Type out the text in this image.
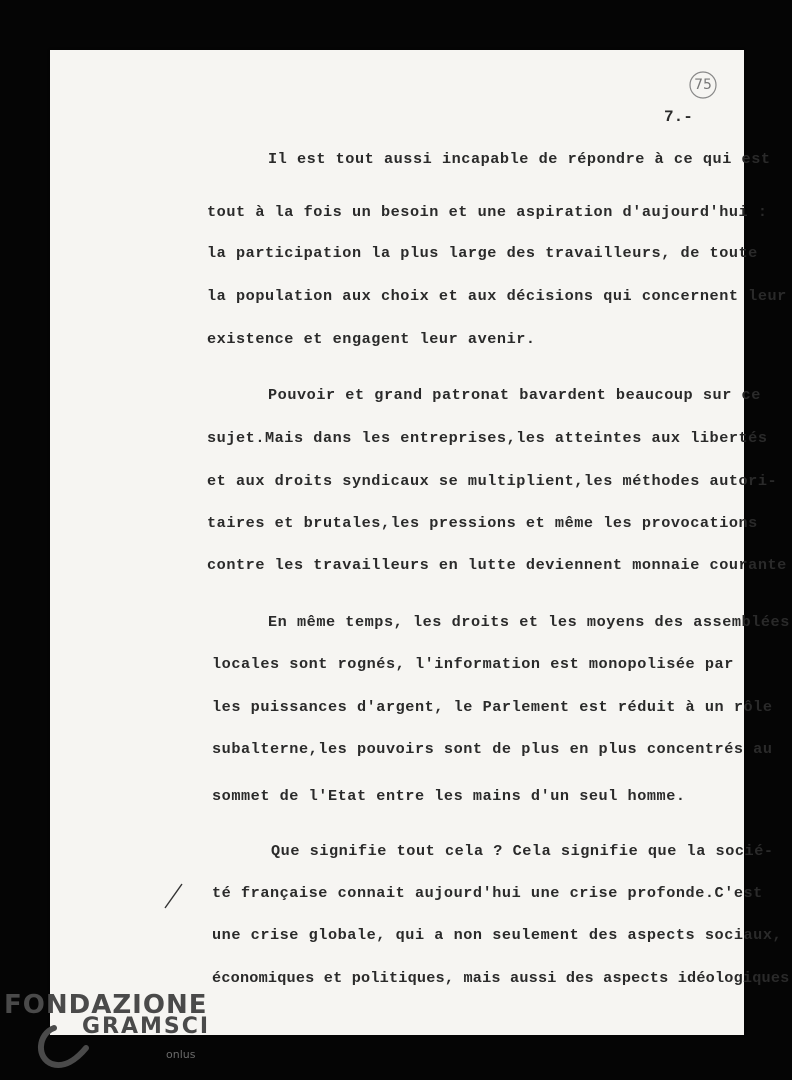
75
7.-
Il est tout aussi incapable de répondre à ce qui est
tout à la fois un besoin et une aspiration d'aujourd'hui :
la participation la plus large des travailleurs, de toute
la population aux choix et aux décisions qui concernent leur
existence et engagent leur avenir.
Pouvoir et grand patronat bavardent beaucoup sur ce
sujet.Mais dans les entreprises,les atteintes aux libertés
et aux droits syndicaux se multiplient,les méthodes autori-
taires et brutales,les pressions et même les provocations
contre les travailleurs en lutte deviennent monnaie courante
En même temps, les droits et les moyens des assemblées
locales sont rognés, l'information est monopolisée par
les puissances d'argent, le Parlement est réduit à un rôle
subalterne,les pouvoirs sont de plus en plus concentrés au
sommet de l'Etat entre les mains d'un seul homme.
Que signifie tout cela ? Cela signifie que la socié-
té française connait aujourd'hui une crise profonde.C'est
une crise globale, qui a non seulement des aspects sociaux,
économiques et politiques, mais aussi des aspects idéologiques
FONDAZIONE
GRAMSCI
onlus
